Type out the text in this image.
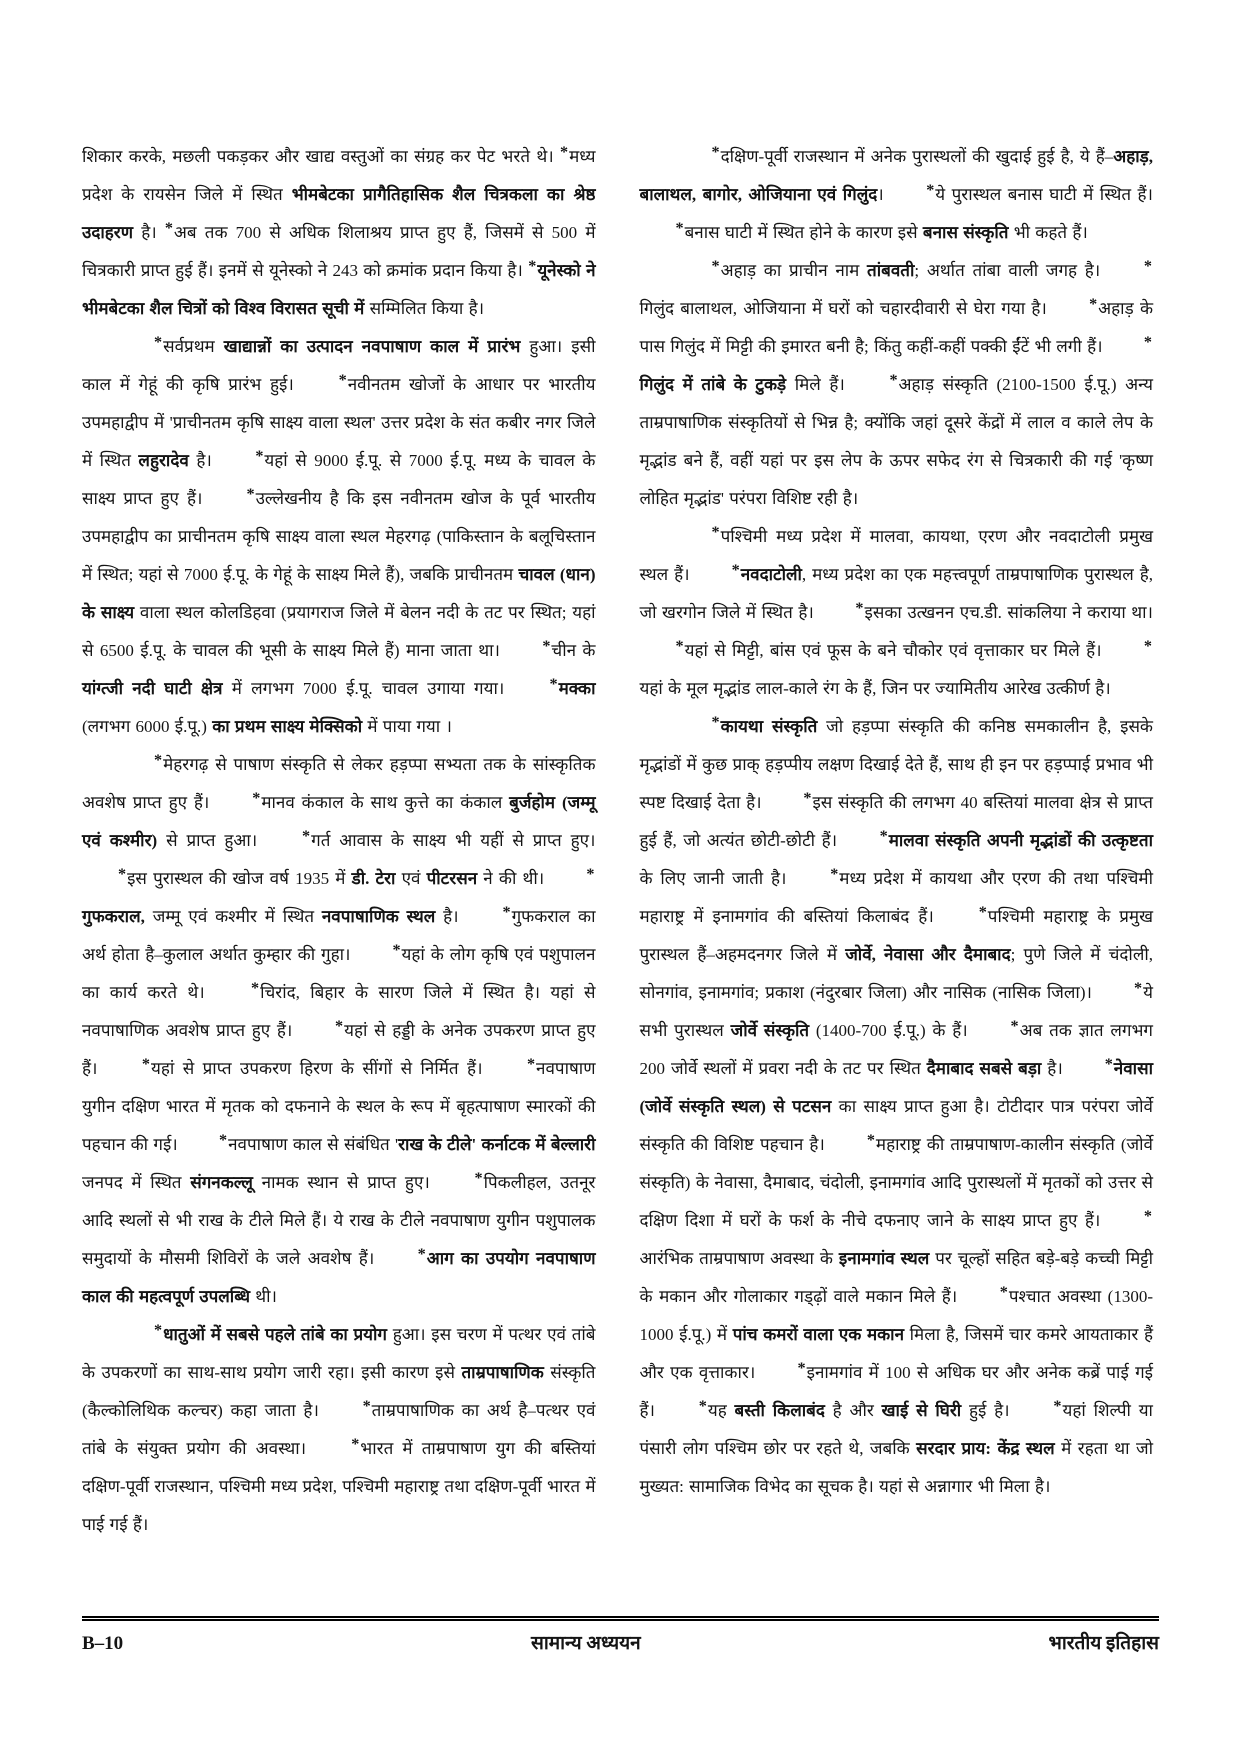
शिकार करके, मछली पकड़कर और खाद्य वस्तुओं का संग्रह कर पेट भरते थे। *मध्य प्रदेश के रायसेन जिले में स्थित भीमबेटका प्रागैतिहासिक शैल चित्रकला का श्रेष्ठ उदाहरण है। *अब तक 700 से अधिक शिलाश्रय प्राप्त हुए हैं, जिसमें से 500 में चित्रकारी प्राप्त हुई हैं। इनमें से यूनेस्को ने 243 को क्रमांक प्रदान किया है। *यूनेस्को ने भीमबेटका शैल चित्रों को विश्व विरासत सूची में सम्मिलित किया है।

*सर्वप्रथम खाद्यान्नों का उत्पादन नवपाषाण काल में प्रारंभ हुआ। इसी काल में गेहूं की कृषि प्रारंभ हुई। *नवीनतम खोजों के आधार पर भारतीय उपमहाद्वीप में 'प्राचीनतम कृषि साक्ष्य वाला स्थल' उत्तर प्रदेश के संत कबीर नगर जिले में स्थित लहुरादेव है। *यहां से 9000 ई.पू. से 7000 ई.पू. मध्य के चावल के साक्ष्य प्राप्त हुए हैं। *उल्लेखनीय है कि इस नवीनतम खोज के पूर्व भारतीय उपमहाद्वीप का प्राचीनतम कृषि साक्ष्य वाला स्थल मेहरगढ़ (पाकिस्तान के बलूचिस्तान में स्थित; यहां से 7000 ई.पू. के गेहूं के साक्ष्य मिले हैं), जबकि प्राचीनतम चावल (धान) के साक्ष्य वाला स्थल कोलडिहवा (प्रयागराज जिले में बेलन नदी के तट पर स्थित; यहां से 6500 ई.पू. के चावल की भूसी के साक्ष्य मिले हैं) माना जाता था। *चीन के यांग्त्जी नदी घाटी क्षेत्र में लगभग 7000 ई.पू. चावल उगाया गया। *मक्का (लगभग 6000 ई.पू.) का प्रथम साक्ष्य मेक्सिको में पाया गया ।

*मेहरगढ़ से पाषाण संस्कृति से लेकर हड़प्पा सभ्यता तक के सांस्कृतिक अवशेष प्राप्त हुए हैं। *मानव कंकाल के साथ कुत्ते का कंकाल बुर्जहोम (जम्मू एवं कश्मीर) से प्राप्त हुआ। *गर्त आवास के साक्ष्य भी यहीं से प्राप्त हुए। *इस पुरास्थल की खोज वर्ष 1935 में डी. टेरा एवं पीटरसन ने की थी। *गुफकराल, जम्मू एवं कश्मीर में स्थित नवपाषाणिक स्थल है। *गुफकराल का अर्थ होता है–कुलाल अर्थात कुम्हार की गुहा। *यहां के लोग कृषि एवं पशुपालन का कार्य करते थे। *चिरांद, बिहार के सारण जिले में स्थित है। यहां से नवपाषाणिक अवशेष प्राप्त हुए हैं। *यहां से हड्डी के अनेक उपकरण प्राप्त हुए हैं। *यहां से प्राप्त उपकरण हिरण के सींगों से निर्मित हैं। *नवपाषाण युगीन दक्षिण भारत में मृतक को दफनाने के स्थल के रूप में बृहत्पाषाण स्मारकों की पहचान की गई। *नवपाषाण काल से संबंधित 'राख के टीले' कर्नाटक में बेल्लारी जनपद में स्थित संगनकल्लू नामक स्थान से प्राप्त हुए। *पिकलीहल, उतनूर आदि स्थलों से भी राख के टीले मिले हैं। ये राख के टीले नवपाषाण युगीन पशुपालक समुदायों के मौसमी शिविरों के जले अवशेष हैं। *आग का उपयोग नवपाषाण काल की महत्वपूर्ण उपलब्धि थी।

*धातुओं में सबसे पहले तांबे का प्रयोग हुआ। इस चरण में पत्थर एवं तांबे के उपकरणों का साथ-साथ प्रयोग जारी रहा। इसी कारण इसे ताम्रपाषाणिक संस्कृति (कैल्कोलिथिक कल्चर) कहा जाता है। *ताम्रपाषाणिक का अर्थ है–पत्थर एवं तांबे के संयुक्त प्रयोग की अवस्था। *भारत में ताम्रपाषाण युग की बस्तियां दक्षिण-पूर्वी राजस्थान, पश्चिमी मध्य प्रदेश, पश्चिमी महाराष्ट्र तथा दक्षिण-पूर्वी भारत में पाई गई हैं।

*दक्षिण-पूर्वी राजस्थान में अनेक पुरास्थलों की खुदाई हुई है, ये हैं–अहाड़, बालाथल, बागोर, ओजियाना एवं गिलुंद। *ये पुरास्थल बनास घाटी में स्थित हैं। *बनास घाटी में स्थित होने के कारण इसे बनास संस्कृति भी कहते हैं।

*अहाड़ का प्राचीन नाम तांबवती; अर्थात तांबा वाली जगह है। *गिलुंद बालाथल, ओजियाना में घरों को चहारदीवारी से घेरा गया है। *अहाड़ के पास गिलुंद में मिट्टी की इमारत बनी है; किंतु कहीं-कहीं पक्की ईंटें भी लगी हैं। *गिलुंद में तांबे के टुकड़े मिले हैं। *अहाड़ संस्कृति (2100-1500 ई.पू.) अन्य ताम्रपाषाणिक संस्कृतियों से भिन्न है; क्योंकि जहां दूसरे केंद्रों में लाल व काले लेप के मृद्भांड बने हैं, वहीं यहां पर इस लेप के ऊपर सफेद रंग से चित्रकारी की गई 'कृष्ण लोहित मृद्भांड' परंपरा विशिष्ट रही है।

*पश्चिमी मध्य प्रदेश में मालवा, कायथा, एरण और नवदाटोली प्रमुख स्थल हैं। *नवदाटोली, मध्य प्रदेश का एक महत्त्वपूर्ण ताम्रपाषाणिक पुरास्थल है, जो खरगोन जिले में स्थित है। *इसका उत्खनन एच.डी. सांकलिया ने कराया था। *यहां से मिट्टी, बांस एवं फूस के बने चौकोर एवं वृत्ताकार घर मिले हैं। *यहां के मूल मृद्भांड लाल-काले रंग के हैं, जिन पर ज्यामितीय आरेख उत्कीर्ण है।

*कायथा संस्कृति जो हड़प्पा संस्कृति की कनिष्ठ समकालीन है, इसके मृद्भांडों में कुछ प्राक् हड़प्पीय लक्षण दिखाई देते हैं, साथ ही इन पर हड़प्पाई प्रभाव भी स्पष्ट दिखाई देता है। *इस संस्कृति की लगभग 40 बस्तियां मालवा क्षेत्र से प्राप्त हुई हैं, जो अत्यंत छोटी-छोटी हैं। *मालवा संस्कृति अपनी मृद्भांडों की उत्कृष्टता के लिए जानी जाती है। *मध्य प्रदेश में कायथा और एरण की तथा पश्चिमी महाराष्ट्र में इनामगांव की बस्तियां किलाबंद हैं। *पश्चिमी महाराष्ट्र के प्रमुख पुरास्थल हैं–अहमदनगर जिले में जोर्वे, नेवासा और दैमाबाद; पुणे जिले में चंदोली, सोनगांव, इनामगांव; प्रकाश (नंदुरबार जिला) और नासिक (नासिक जिला)। *ये सभी पुरास्थल जोर्वे संस्कृति (1400-700 ई.पू.) के हैं। *अब तक ज्ञात लगभग 200 जोर्वे स्थलों में प्रवरा नदी के तट पर स्थित दैमाबाद सबसे बड़ा है। *नेवासा (जोर्वे संस्कृति स्थल) से पटसन का साक्ष्य प्राप्त हुआ है। टोटीदार पात्र परंपरा जोर्वे संस्कृति की विशिष्ट पहचान है। *महाराष्ट्र की ताम्रपाषाण-कालीन संस्कृति (जोर्वे संस्कृति) के नेवासा, दैमाबाद, चंदोली, इनामगांव आदि पुरास्थलों में मृतकों को उत्तर से दक्षिण दिशा में घरों के फर्श के नीचे दफनाए जाने के साक्ष्य प्राप्त हुए हैं। *आरंभिक ताम्रपाषाण अवस्था के इनामगांव स्थल पर चूल्हों सहित बड़े-बड़े कच्ची मिट्टी के मकान और गोलाकार गड्ढ़ों वाले मकान मिले हैं। *पश्चात अवस्था (1300-1000 ई.पू.) में पांच कमरों वाला एक मकान मिला है, जिसमें चार कमरे आयताकार हैं और एक वृत्ताकार। *इनामगांव में 100 से अधिक घर और अनेक कब्रें पाई गई हैं। *यह बस्ती किलाबंद है और खाई से घिरी हुई है। *यहां शिल्पी या पंसारी लोग पश्चिम छोर पर रहते थे, जबकि सरदार प्राय: केंद्र स्थल में रहता था जो मुख्यत: सामाजिक विभेद का सूचक है। यहां से अन्नागार भी मिला है।

B–10	सामान्य अध्ययन	भारतीय इतिहास
